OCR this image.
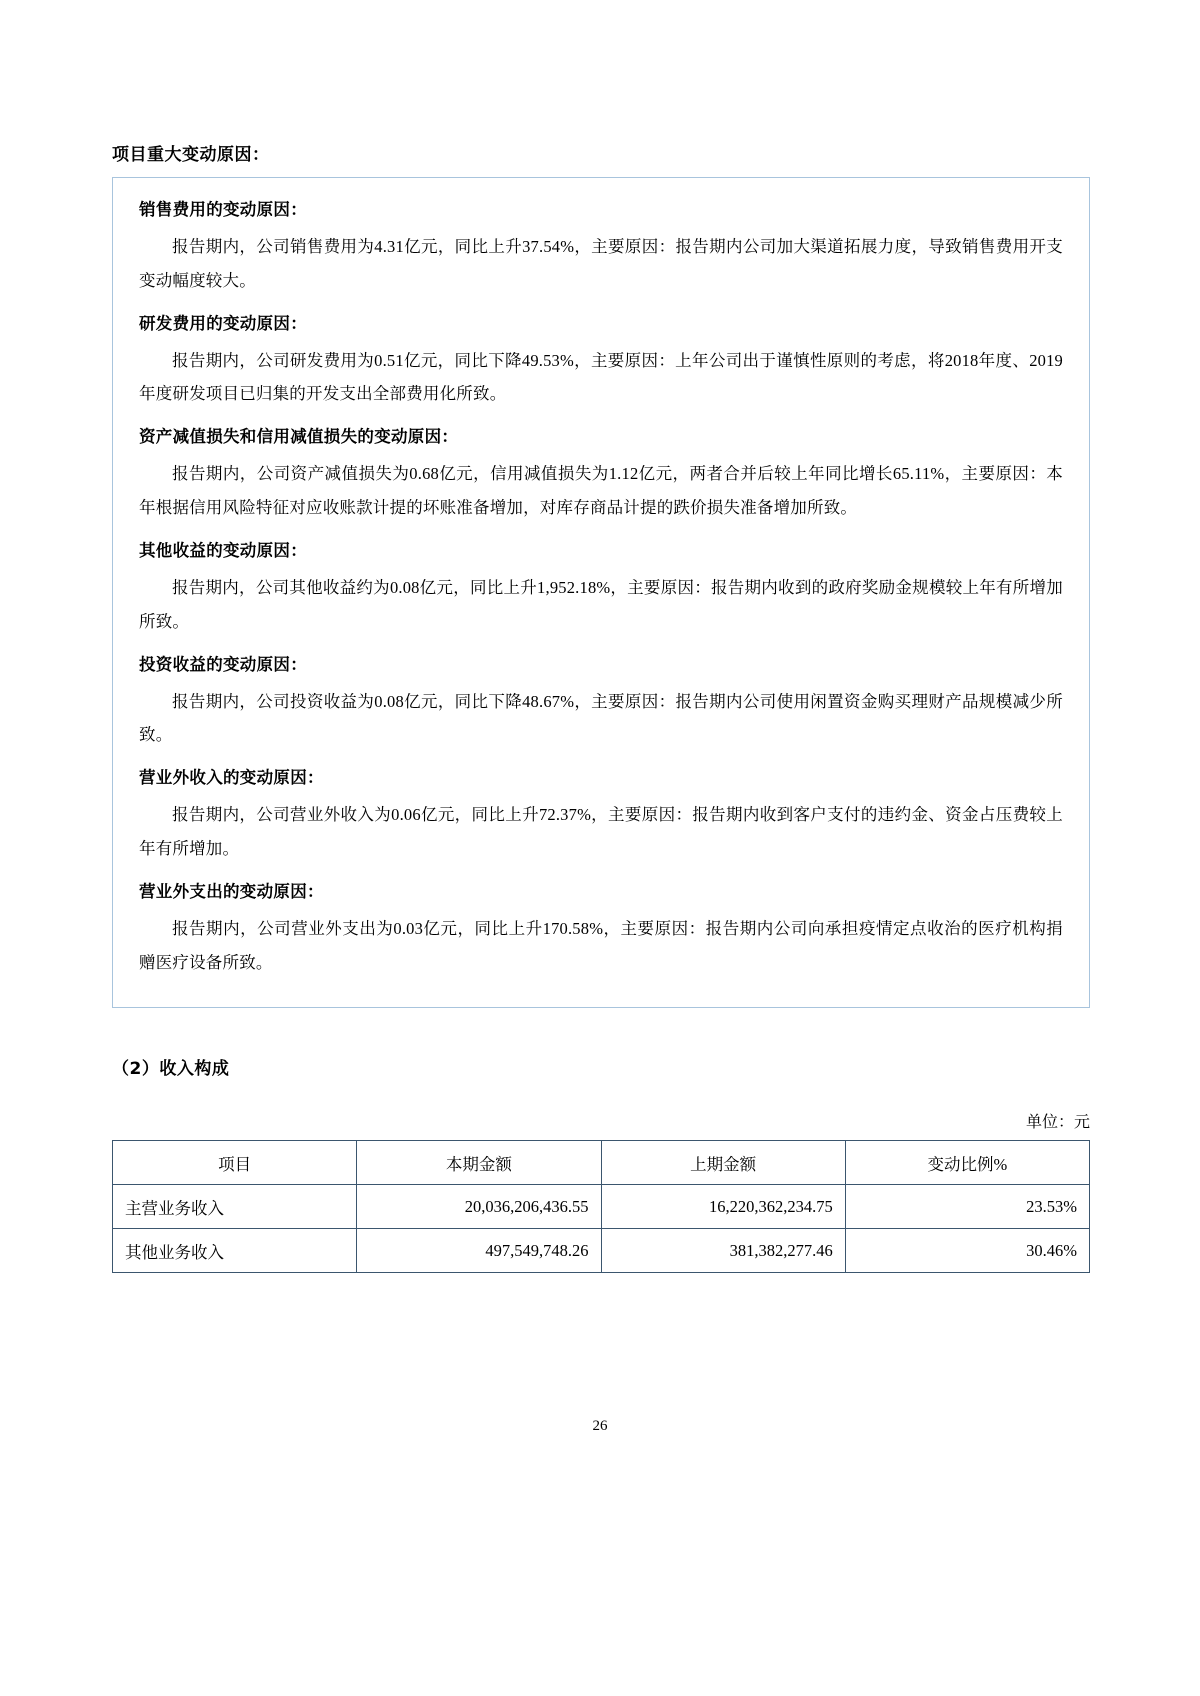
项目重大变动原因：
销售费用的变动原因：
报告期内，公司销售费用为4.31亿元，同比上升37.54%，主要原因：报告期内公司加大渠道拓展力度，导致销售费用开支变动幅度较大。
研发费用的变动原因：
报告期内，公司研发费用为0.51亿元，同比下降49.53%，主要原因：上年公司出于谨慎性原则的考虑，将2018年度、2019年度研发项目已归集的开发支出全部费用化所致。
资产减值损失和信用减值损失的变动原因：
报告期内，公司资产减值损失为0.68亿元，信用减值损失为1.12亿元，两者合并后较上年同比增长65.11%，主要原因：本年根据信用风险特征对应收账款计提的坏账准备增加，对库存商品计提的跌价损失准备增加所致。
其他收益的变动原因：
报告期内，公司其他收益约为0.08亿元，同比上升1,952.18%，主要原因：报告期内收到的政府奖励金规模较上年有所增加所致。
投资收益的变动原因：
报告期内，公司投资收益为0.08亿元，同比下降48.67%，主要原因：报告期内公司使用闲置资金购买理财产品规模减少所致。
营业外收入的变动原因：
报告期内，公司营业外收入为0.06亿元，同比上升72.37%，主要原因：报告期内收到客户支付的违约金、资金占压费较上年有所增加。
营业外支出的变动原因：
报告期内，公司营业外支出为0.03亿元，同比上升170.58%，主要原因：报告期内公司向承担疫情定点收治的医疗机构捐赠医疗设备所致。
（2）收入构成
单位：元
项目	本期金额	上期金额	变动比例%
主营业务收入	20,036,206,436.55	16,220,362,234.75	23.53%
其他业务收入	497,549,748.26	381,382,277.46	30.46%
26
